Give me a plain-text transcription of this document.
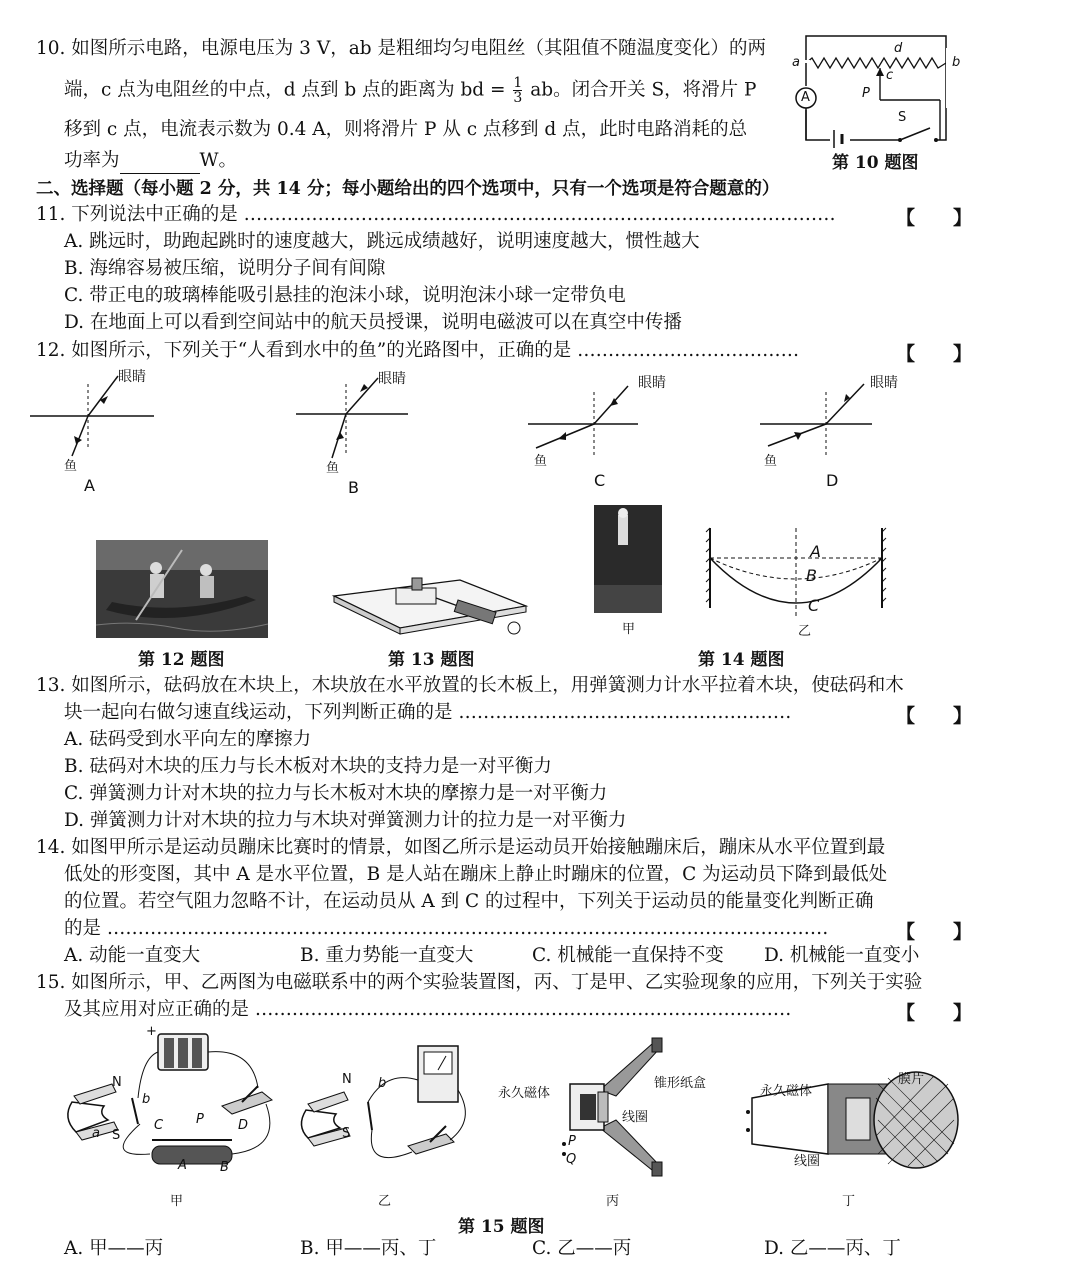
10. 如图所示电路，电源电压为 3 V，ab 是粗细均匀电阻丝（其阻值不随温度变化）的两
端，c 点为电阻丝的中点，d 点到 b 点的距离为 bd = $\frac{1}{3}$ ab。闭合开关 S，将滑片 P
移到 c 点，电流表示数为 0.4 A，则将滑片 P 从 c 点移到 d 点，此时电路消耗的总
功率为	W。
a	b
c
d
P
S
A
第 10 题图
二、选择题（每小题 2 分，共 14 分；每小题给出的四个选项中，只有一个选项是符合题意的）
11. 下列说法中正确的是 ……………………………………………………………………………………	【　　】
A. 跳远时，助跑起跳时的速度越大，跳远成绩越好，说明速度越大，惯性越大
B. 海绵容易被压缩，说明分子间有间隙
C. 带正电的玻璃棒能吸引悬挂的泡沫小球，说明泡沫小球一定带负电
D. 在地面上可以看到空间站中的航天员授课，说明电磁波可以在真空中传播
12. 如图所示，下列关于“人看到水中的鱼”的光路图中，正确的是 ………………………………	【　　】
眼睛
鱼
A
眼睛
鱼
B
眼睛
鱼
C
眼睛
鱼
D
第 12 题图	第 13 题图
甲
A
B
C
乙
第 14 题图
13. 如图所示，砝码放在木块上，木块放在水平放置的长木板上，用弹簧测力计水平拉着木块，使砝码和木
块一起向右做匀速直线运动，下列判断正确的是 ………………………………………………	【　　】
A. 砝码受到水平向左的摩擦力
B. 砝码对木块的压力与长木板对木块的支持力是一对平衡力
C. 弹簧测力计对木块的拉力与长木板对木块的摩擦力是一对平衡力
D. 弹簧测力计对木块的拉力与木块对弹簧测力计的拉力是一对平衡力
14. 如图甲所示是运动员蹦床比赛时的情景，如图乙所示是运动员开始接触蹦床后，蹦床从水平位置到最
低处的形变图，其中 A 是水平位置，B 是人站在蹦床上静止时蹦床的位置，C 为运动员下降到最低处
的位置。若空气阻力忽略不计，在运动员从 A 到 C 的过程中，下列关于运动员的能量变化判断正确
的是 ………………………………………………………………………………………………………	【　　】
A. 动能一直变大	B. 重力势能一直变大	C. 机械能一直保持不变 D. 机械能一直变小
15. 如图所示，甲、乙两图为电磁联系中的两个实验装置图，丙、丁是甲、乙实验现象的应用，下列关于实验
及其应用对应正确的是 ……………………………………………………………………………	【　　】
+
N
S
b
a
C	P	D
A	B
甲
N
S
b
乙
永久磁体
锥形纸盒
线圈
P
Q
丙
永久磁体
膜片
线圈
丁
第 15 题图
A. 甲——丙	B. 甲——丙、丁	C. 乙——丙	D. 乙——丙、丁
